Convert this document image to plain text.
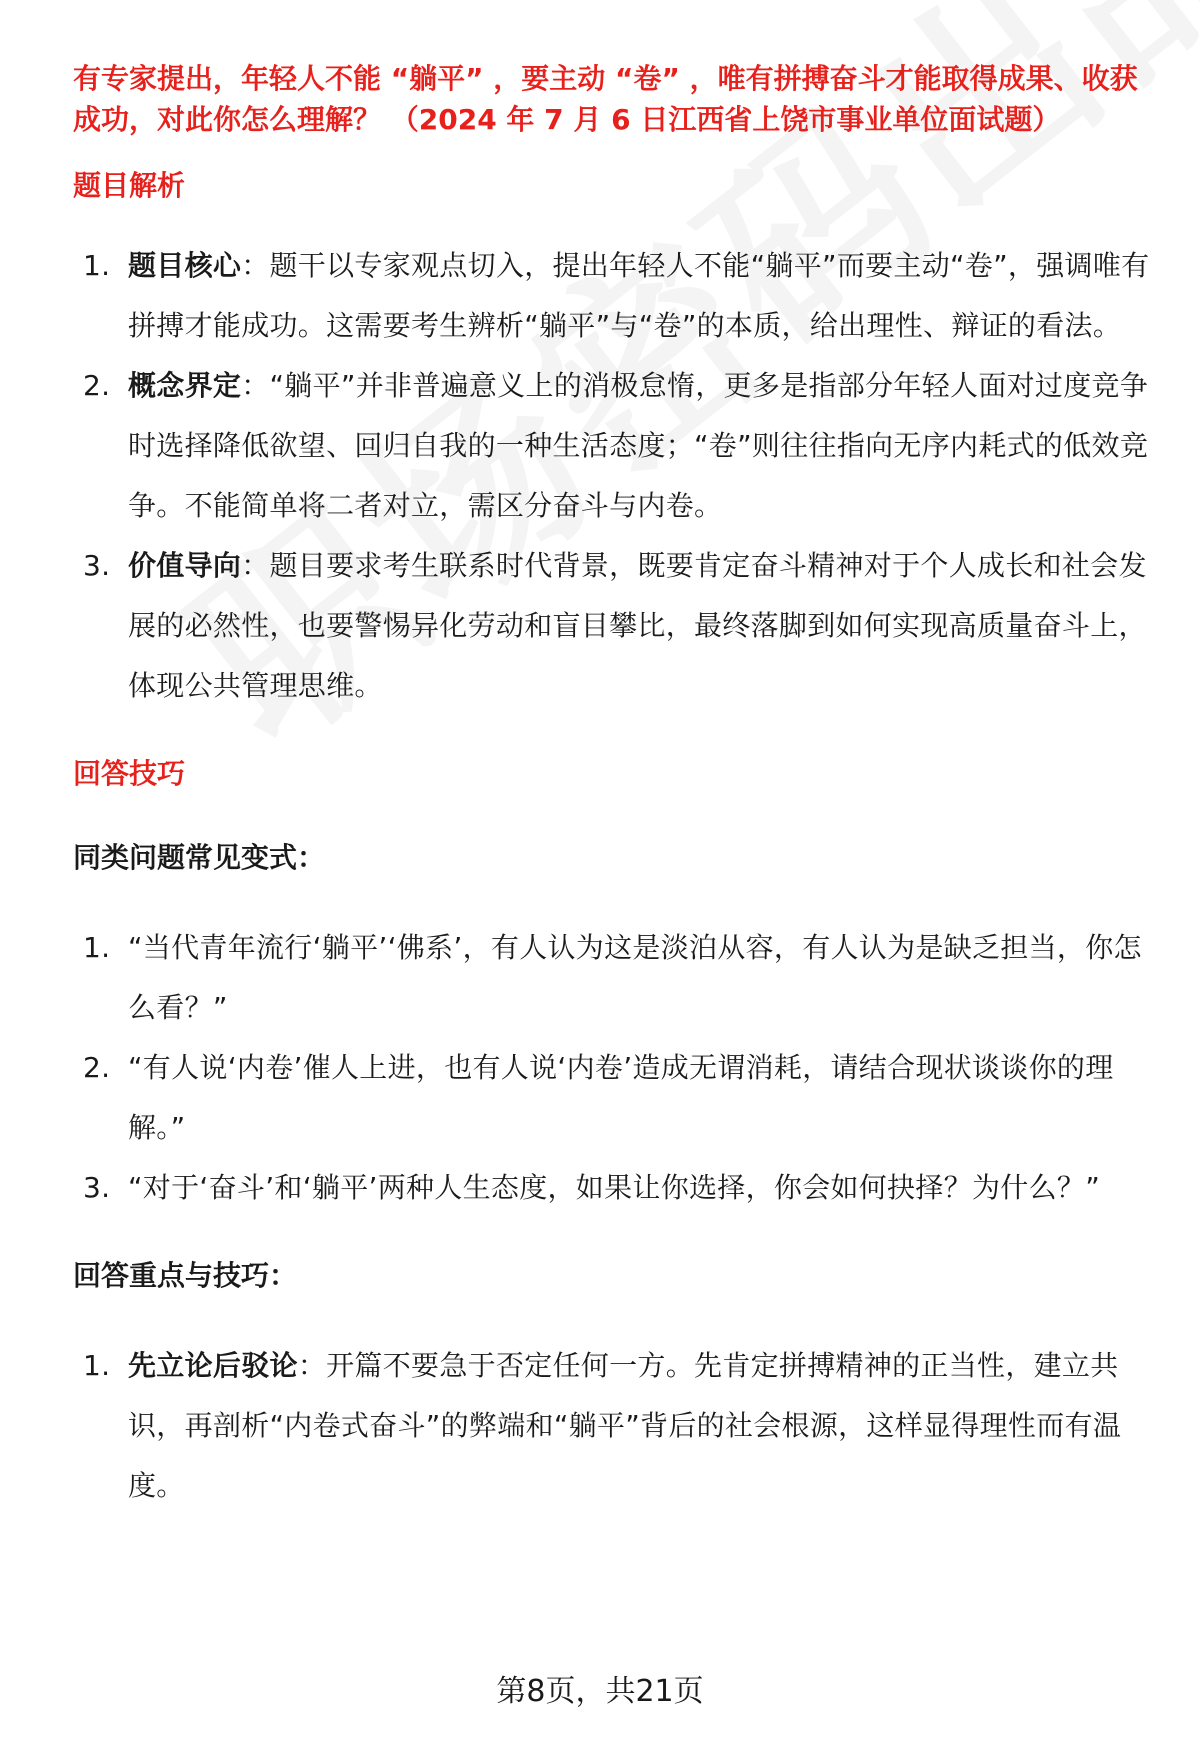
有专家提出，年轻人不能 “躺平” ，要主动 “卷” ，唯有拼搏奋斗才能取得成果、收获成功，对此你怎么理解？ （2024 年 7 月 6 日江西省上饶市事业单位面试题）
题目解析
1. 题目核心：题干以专家观点切入，提出年轻人不能“躺平”而要主动“卷”，强调唯有拼搏才能成功。这需要考生辨析“躺平”与“卷”的本质，给出理性、辩证的看法。
2. 概念界定：“躺平”并非普遍意义上的消极怠惰，更多是指部分年轻人面对过度竞争时选择降低欲望、回归自我的一种生活态度；“卷”则往往指向无序内耗式的低效竞争。不能简单将二者对立，需区分奋斗与内卷。
3. 价值导向：题目要求考生联系时代背景，既要肯定奋斗精神对于个人成长和社会发展的必然性，也要警惕异化劳动和盲目攀比，最终落脚到如何实现高质量奋斗上，体现公共管理思维。
回答技巧
同类问题常见变式：
1. “当代青年流行‘躺平’‘佛系’，有人认为这是淡泊从容，有人认为是缺乏担当，你怎么看？”
2. “有人说‘内卷’催人上进，也有人说‘内卷’造成无谓消耗，请结合现状谈谈你的理解。”
3. “对于‘奋斗’和‘躺平’两种人生态度，如果让你选择，你会如何抉择？为什么？”
回答重点与技巧：
1. 先立论后驳论：开篇不要急于否定任何一方。先肯定拼搏精神的正当性，建立共识，再剖析“内卷式奋斗”的弊端和“躺平”背后的社会根源，这样显得理性而有温度。
第8页，共21页
